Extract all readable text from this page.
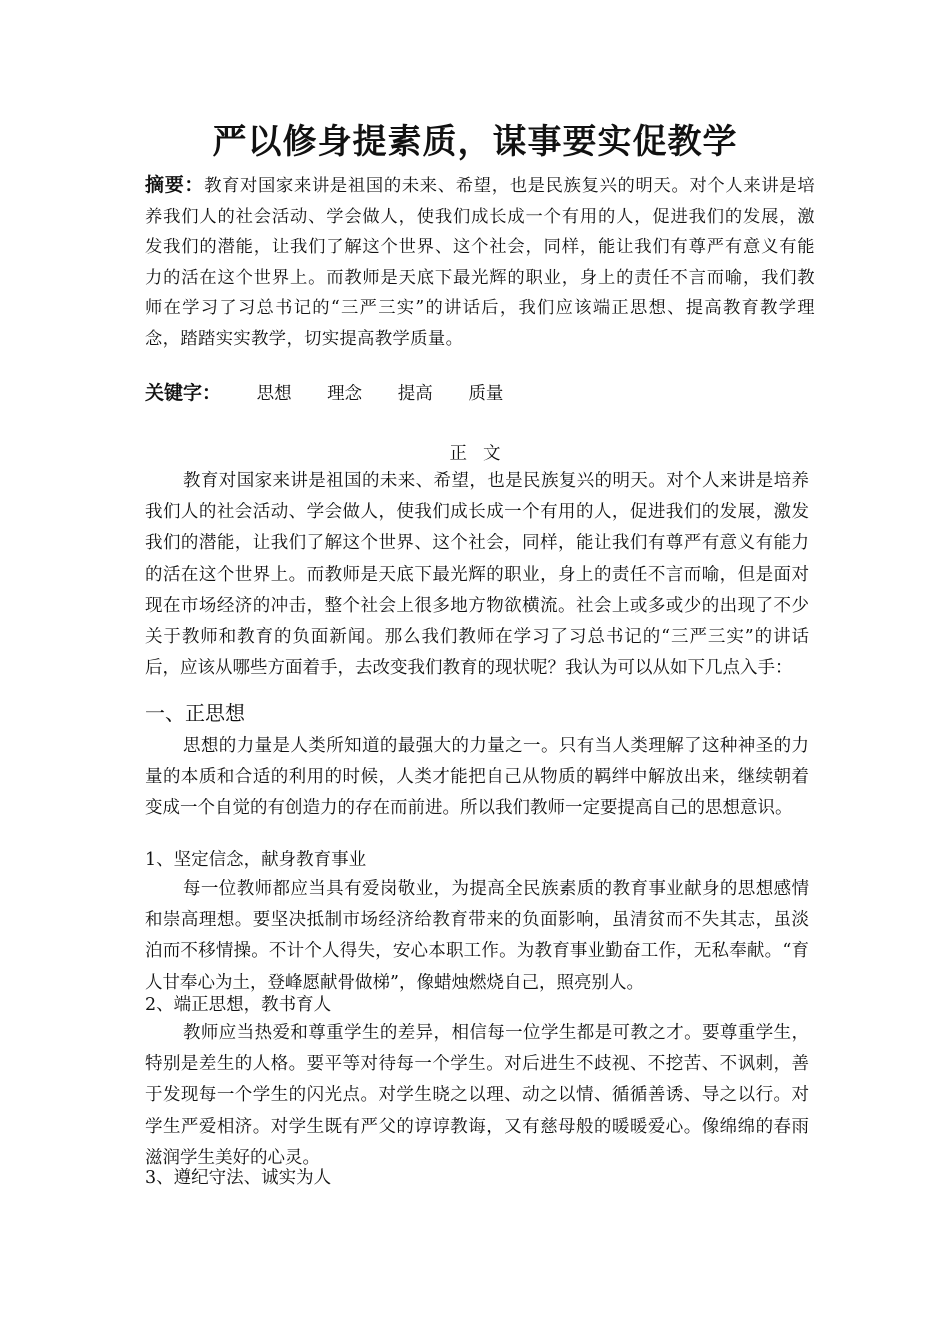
严以修身提素质，谋事要实促教学
摘要：教育对国家来讲是祖国的未来、希望，也是民族复兴的明天。对个人来讲是培养我们人的社会活动、学会做人，使我们成长成一个有用的人，促进我们的发展，激发我们的潜能，让我们了解这个世界、这个社会，同样，能让我们有尊严有意义有能力的活在这个世界上。而教师是天底下最光辉的职业，身上的责任不言而喻，我们教师在学习了习总书记的“三严三实”的讲话后，我们应该端正思想、提高教育教学理念，踏踏实实教学，切实提高教学质量。
关键字： 思想 理念 提高 质量
正文

教育对国家来讲是祖国的未来、希望，也是民族复兴的明天。对个人来讲是培养我们人的社会活动、学会做人，使我们成长成一个有用的人，促进我们的发展，激发我们的潜能，让我们了解这个世界、这个社会，同样，能让我们有尊严有意义有能力的活在这个世界上。而教师是天底下最光辉的职业，身上的责任不言而喻，但是面对现在市场经济的冲击，整个社会上很多地方物欲横流。社会上或多或少的出现了不少关于教师和教育的负面新闻。那么我们教师在学习了习总书记的“三严三实”的讲话后，应该从哪些方面着手，去改变我们教育的现状呢？我认为可以从如下几点入手：

一、正思想

思想的力量是人类所知道的最强大的力量之一。只有当人类理解了这种神圣的力量的本质和合适的利用的时候，人类才能把自己从物质的羁绊中解放出来，继续朝着变成一个自觉的有创造力的存在而前进。所以我们教师一定要提高自己的思想意识。

1、坚定信念，献身教育事业

每一位教师都应当具有爱岗敬业，为提高全民族素质的教育事业献身的思想感情和崇高理想。要坚决抵制市场经济给教育带来的负面影响，虽清贫而不失其志，虽淡泊而不移情操。不计个人得失，安心本职工作。为教育事业勤奋工作，无私奉献。“育人甘奉心为土，登峰愿献骨做梯”，像蜡烛燃烧自己，照亮别人。

2、端正思想，教书育人

教师应当热爱和尊重学生的差异，相信每一位学生都是可教之才。要尊重学生，特别是差生的人格。要平等对待每一个学生。对后进生不歧视、不挖苦、不讽刺，善于发现每一个学生的闪光点。对学生晓之以理、动之以情、循循善诱、导之以行。对学生严爱相济。对学生既有严父的谆谆教诲，又有慈母般的暖暖爱心。像绵绵的春雨滋润学生美好的心灵。

3、遵纪守法、诚实为人
